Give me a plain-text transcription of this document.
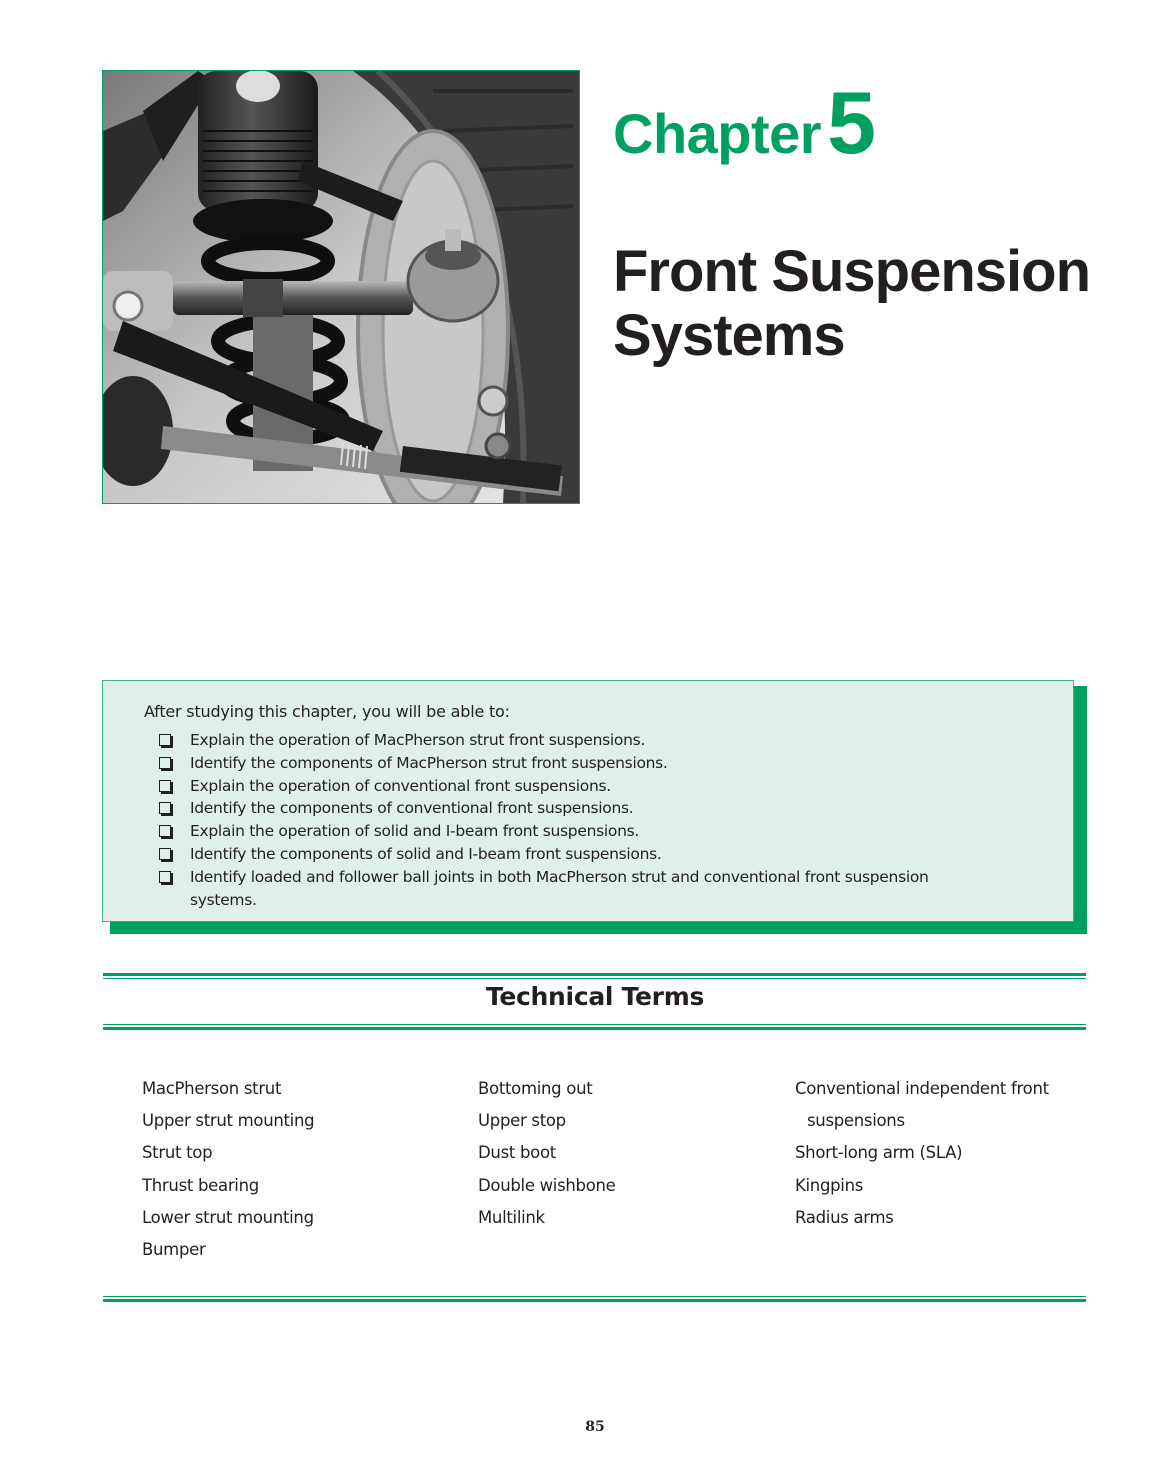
Chapter5
Front Suspension
Systems
After studying this chapter, you will be able to:
Explain the operation of MacPherson strut front suspensions.
Identify the components of MacPherson strut front suspensions.
Explain the operation of conventional front suspensions.
Identify the components of conventional front suspensions.
Explain the operation of solid and I-beam front suspensions.
Identify the components of solid and I-beam front suspensions.
Identify loaded and follower ball joints in both MacPherson strut and conventional front suspension systems.
Technical Terms
MacPherson strut
Upper strut mounting
Strut top
Thrust bearing
Lower strut mounting
Bumper
Bottoming out
Upper stop
Dust boot
Double wishbone
Multilink
Conventional independent front
suspensions
Short-long arm (SLA)
Kingpins
Radius arms
85
